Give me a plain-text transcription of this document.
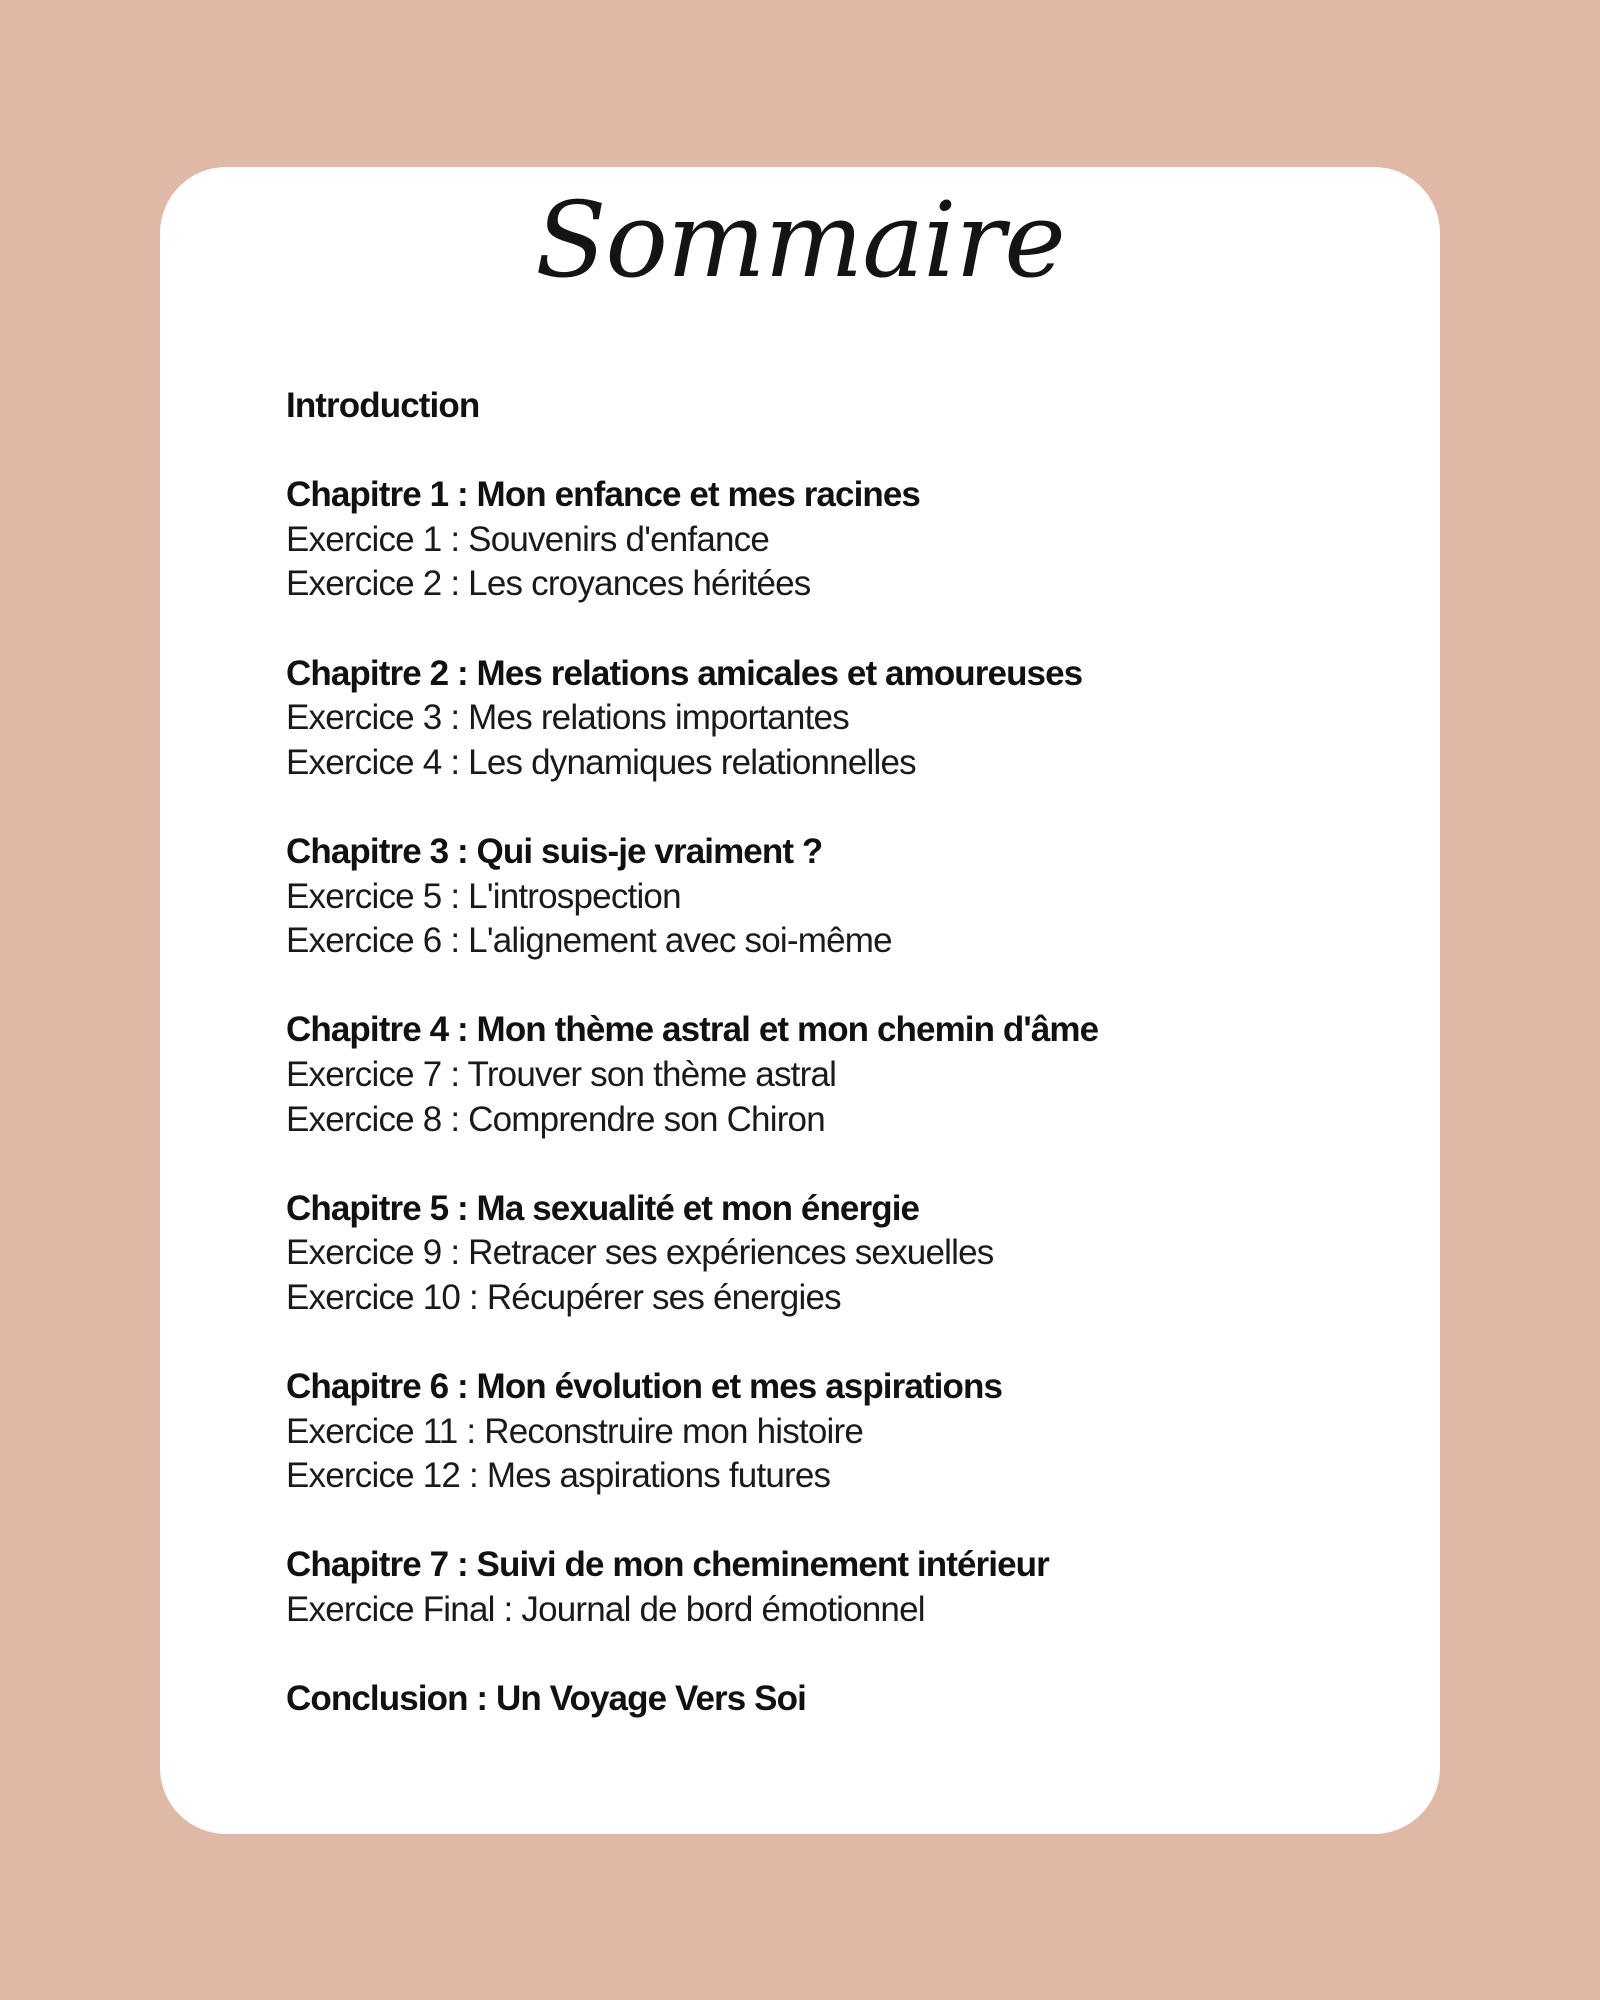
Sommaire
Introduction
Chapitre 1 : Mon enfance et mes racines
Exercice 1 : Souvenirs d'enfance
Exercice 2 : Les croyances héritées
Chapitre 2 : Mes relations amicales et amoureuses
Exercice 3 : Mes relations importantes
Exercice 4 : Les dynamiques relationnelles
Chapitre 3 : Qui suis-je vraiment ?
Exercice 5 : L'introspection
Exercice 6 : L'alignement avec soi-même
Chapitre 4 : Mon thème astral et mon chemin d'âme
Exercice 7 : Trouver son thème astral
Exercice 8 : Comprendre son Chiron
Chapitre 5 : Ma sexualité et mon énergie
Exercice 9 : Retracer ses expériences sexuelles
Exercice 10 : Récupérer ses énergies
Chapitre 6 : Mon évolution et mes aspirations
Exercice 11 : Reconstruire mon histoire
Exercice 12 : Mes aspirations futures
Chapitre 7 : Suivi de mon cheminement intérieur
Exercice Final : Journal de bord émotionnel
Conclusion : Un Voyage Vers Soi
